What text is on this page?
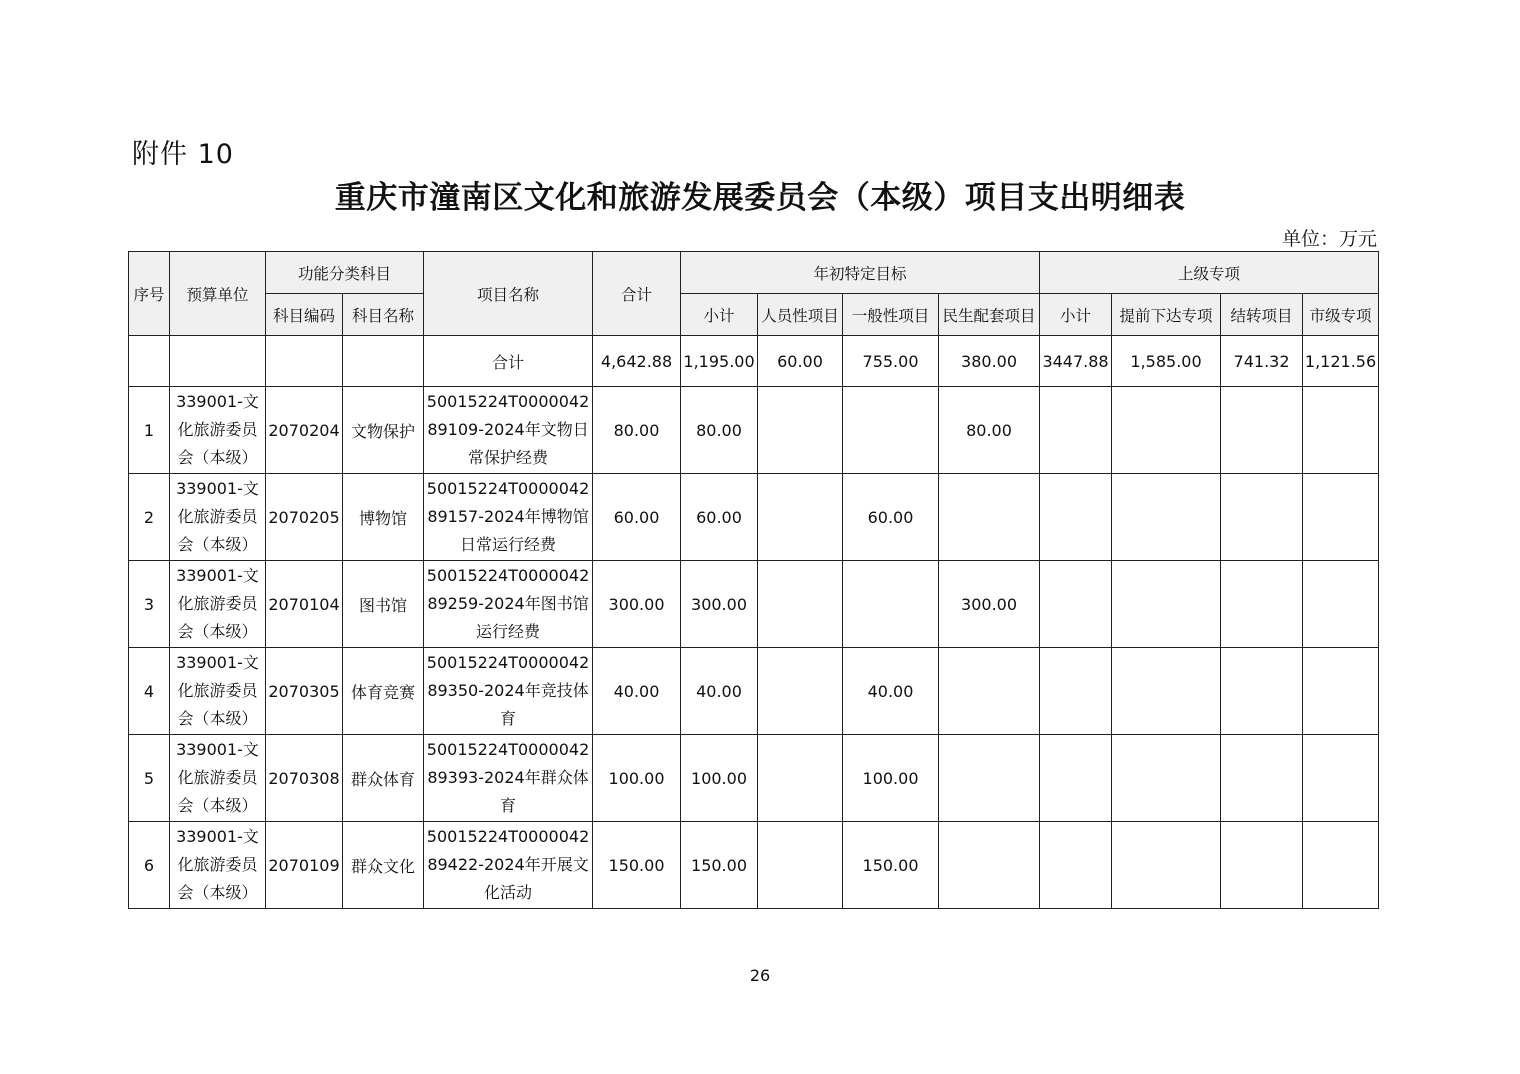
附件 10
重庆市潼南区文化和旅游发展委员会（本级）项目支出明细表
单位：万元
序号	预算单位	功能分类科目		项目名称	合计	年初特定目标				上级专项			
		科目编码	科目名称			小计	人员性项目	一般性项目	民生配套项目	小计	提前下达专项	结转项目	市级专项
				合计	4,642.88	1,195.00	60.00	755.00	380.00	3447.88	1,585.00	741.32	1,121.56
1	339001-文化旅游委员会（本级）	2070204	文物保护	50015224T000004289109-2024年文物日常保护经费	80.00	80.00			80.00				
2	339001-文化旅游委员会（本级）	2070205	博物馆	50015224T000004289157-2024年博物馆日常运行经费	60.00	60.00		60.00					
3	339001-文化旅游委员会（本级）	2070104	图书馆	50015224T000004289259-2024年图书馆运行经费	300.00	300.00			300.00				
4	339001-文化旅游委员会（本级）	2070305	体育竞赛	50015224T000004289350-2024年竞技体育	40.00	40.00		40.00					
5	339001-文化旅游委员会（本级）	2070308	群众体育	50015224T000004289393-2024年群众体育	100.00	100.00		100.00					
6	339001-文化旅游委员会（本级）	2070109	群众文化	50015224T000004289422-2024年开展文化活动	150.00	150.00		150.00					
26
